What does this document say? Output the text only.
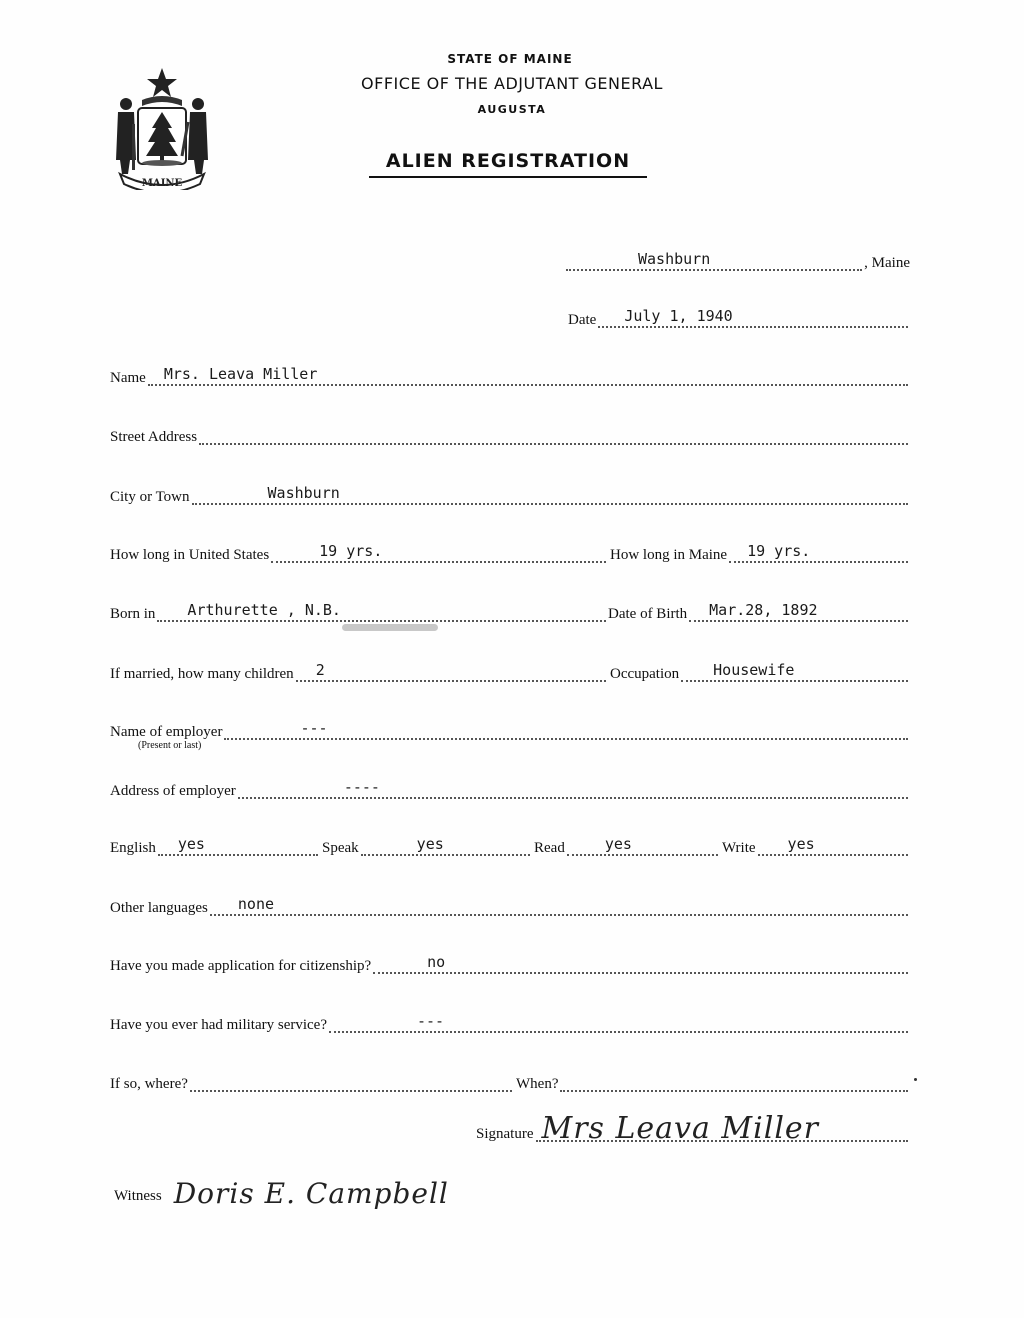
MAINE
STATE OF MAINE
OFFICE OF THE ADJUTANT GENERAL
AUGUSTA
ALIEN REGISTRATION
Washburn	, Maine
Date July 1, 1940
Name Mrs. Leava Miller
Street Address
City or Town	Washburn
How long in United States	19 yrs.	How long in Maine 19 yrs.
Born in Arthurette , N.B.	Date of Birth Mar.28, 1892
If married, how many children 2	Occupation Housewife
Name of employer	---
(Present or last)
Address of employer	----
English yes	Speak	yes	Read	yes	Write yes
Other languages none
Have you made application for citizenship?	no
Have you ever had military service?	---
If so, where?	When?
Signature Mrs Leava Miller
Witness Doris E. Campbell
